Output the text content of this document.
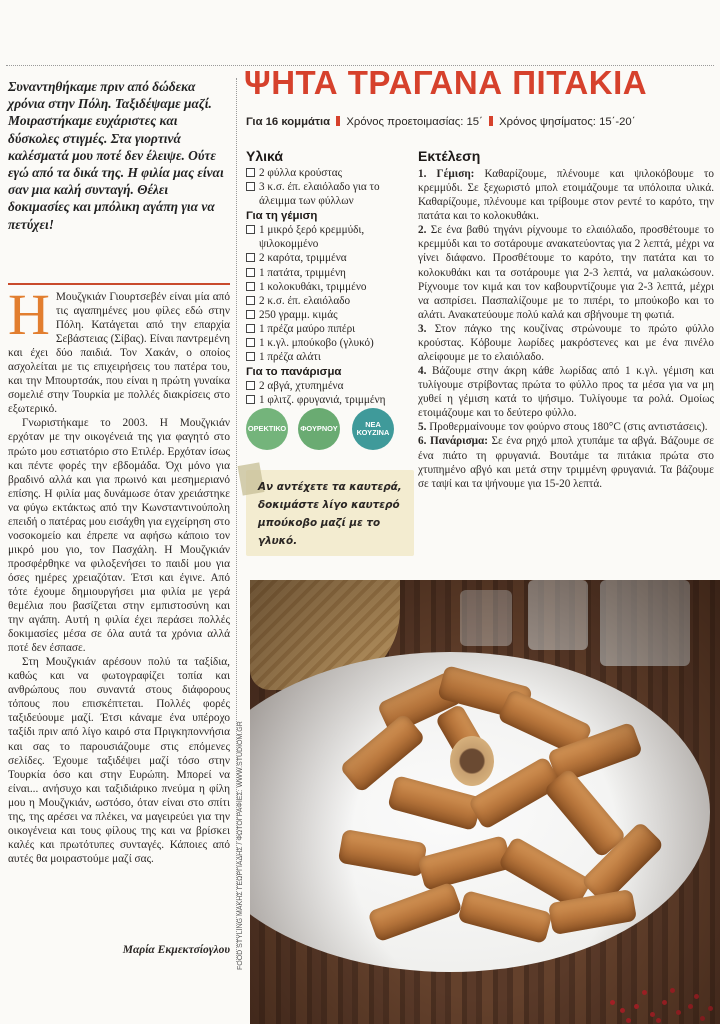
Συναντηθήκαμε πριν από δώδεκα χρόνια στην Πόλη. Ταξιδέψαμε μαζί. Μοιραστήκαμε ευχάριστες και δύσκολες στιγμές. Στα γιορτινά καλέσματά μου ποτέ δεν έλειψε. Ούτε εγώ από τα δικά της. Η φιλία μας είναι σαν μια καλή συνταγή. Θέλει δοκιμασίες και μπόλικη αγάπη για να πετύχει!

Η Μουζγκιάν Γιουρτσεβέν είναι μία από τις αγαπημένες μου φίλες εδώ στην Πόλη. Κατάγεται από την επαρχία Σεβάστειας (Σίβας). Είναι παντρεμένη και έχει δύο παιδιά. Τον Χακάν, ο οποίος ασχολείται με τις επιχειρήσεις του πατέρα του, και την Μπουρτσάκ, που είναι η πρώτη γυναίκα σομελιέ στην Τουρκία με πολλές διακρίσεις στο εξωτερικό.

Γνωριστήκαμε το 2003. Η Μουζγκιάν ερχόταν με την οικογένειά της για φαγητό στο πρώτο μου εστιατόριο στο Ετιλέρ. Ερχόταν ίσως και πέντε φορές την εβδομάδα. Όχι μόνο για βραδινό αλλά και για πρωινό και μεσημεριανό επίσης. Η φιλία μας δυνάμωσε όταν χρειάστηκε να φύγω εκτάκτως από την Κωνσταντινούπολη επειδή ο πατέρας μου εισάχθη για εγχείρηση στο νοσοκομείο και έπρεπε να αφήσω κάποιο τον μικρό μου γιο, τον Πασχάλη. Η Μουζγκιάν προσφέρθηκε να φιλοξενήσει το παιδί μου για όσες ημέρες χρειαζόταν. Έτσι και έγινε. Από τότε έχουμε δημιουργήσει μια φιλία με γερά θεμέλια που βασίζεται στην εμπιστοσύνη και την αγάπη. Αυτή η φιλία έχει περάσει πολλές δοκιμασίες μέσα σε όλα αυτά τα χρόνια αλλά ποτέ δεν έσπασε.

Στη Μουζγκιάν αρέσουν πολύ τα ταξίδια, καθώς και να φωτογραφίζει τοπία και ανθρώπους που συναντά στους διάφορους τόπους που επισκέπτεται. Πολλές φορές ταξιδεύουμε μαζί. Έτσι κάναμε ένα υπέροχο ταξίδι πριν από λίγο καιρό στα Πριγκηποννήσια και σας το παρουσιάζουμε στις επόμενες σελίδες. Έχουμε ταξιδέψει μαζί τόσο στην Τουρκία όσο και στην Ευρώπη. Μπορεί να είναι... ανήσυχο και ταξιδιάρικο πνεύμα η φίλη μου η Μουζγκιάν, ωστόσο, όταν είναι στο σπίτι της, της αρέσει να πλέκει, να μαγειρεύει για την οικογένεια και τους φίλους της και να βρίσκει καλές και πρωτότυπες συνταγές. Κάποιες από αυτές θα μοιραστούμε μαζί σας.

Μαρία Εκμεκτσίογλου
ΨΗΤΑ ΤΡΑΓΑΝΑ ΠΙΤΑΚΙΑ
Για 16 κομμάτια Χρόνος προετοιμασίας: 15΄ Χρόνος ψησίματος: 15΄-20΄
Υλικά
2 φύλλα κρούστας
3 κ.σ. έπ. ελαιόλαδο για το άλειμμα των φύλλων
Για τη γέμιση
1 μικρό ξερό κρεμμύδι, ψιλοκομμένο
2 καρότα, τριμμένα
1 πατάτα, τριμμένη
1 κολοκυθάκι, τριμμένο
2 κ.σ. έπ. ελαιόλαδο
250 γραμμ. κιμάς
1 πρέζα μαύρο πιπέρι
1 κ.γλ. μπούκοβο (γλυκό)
1 πρέζα αλάτι
Για το πανάρισμα
2 αβγά, χτυπημένα
1 φλιτζ. φρυγανιά, τριμμένη
ΟΡΕΚΤΙΚΟ	ΦΟΥΡΝΟΥ	ΝΕΑ ΚΟΥΖΙΝΑ
Αν αντέχετε τα καυτερά, δοκιμάστε λίγο καυτερό μπούκοβο μαζί με το γλυκό.
Εκτέλεση

1. Γέμιση: Καθαρίζουμε, πλένουμε και ψιλοκόβουμε το κρεμμύδι. Σε ξεχωριστό μπολ ετοιμάζουμε τα υπόλοιπα υλικά. Καθαρίζουμε, πλένουμε και τρίβουμε στον ρεντέ το καρότο, την πατάτα και το κολοκυθάκι.

2. Σε ένα βαθύ τηγάνι ρίχνουμε το ελαιόλαδο, προσθέτουμε το κρεμμύδι και το σοτάρουμε ανακατεύοντας για 2 λεπτά, μέχρι να γίνει διάφανο. Προσθέτουμε το καρότο, την πατάτα και το κολοκυθάκι και τα σοτάρουμε για 2-3 λεπτά, να μαλακώσουν. Ρίχνουμε τον κιμά και τον καβουρντίζουμε για 2-3 λεπτά, μέχρι να ασπρίσει. Πασπαλίζουμε με το πιπέρι, το μπούκοβο και το αλάτι. Ανακατεύουμε πολύ καλά και σβήνουμε τη φωτιά.

3. Στον πάγκο της κουζίνας στρώνουμε το πρώτο φύλλο κρούστας. Κόβουμε λωρίδες μακρόστενες και με ένα πινέλο αλείφουμε με το ελαιόλαδο.

4. Βάζουμε στην άκρη κάθε λωρίδας από 1 κ.γλ. γέμιση και τυλίγουμε στρίβοντας πρώτα το φύλλο προς τα μέσα για να μη χυθεί η γέμιση κατά το ψήσιμο. Τυλίγουμε τα ρολά. Ομοίως ετοιμάζουμε και το δεύτερο φύλλο.

5. Προθερμαίνουμε τον φούρνο στους 180°C (στις αντιστάσεις).

6. Πανάρισμα: Σε ένα ρηχό μπολ χτυπάμε τα αβγά. Βάζουμε σε ένα πιάτο τη φρυγανιά. Βουτάμε τα πιτάκια πρώτα στο χτυπημένο αβγό και μετά στην τριμμένη φρυγανιά. Τα βάζουμε σε ταψί και τα ψήνουμε για 15-20 λεπτά.

FOOD STYLING ΜΑΚΗΣ ΓΕΩΡΓΙΑΔΗΣ / ΦΩΤΟΓΡΑΦΙΕΣ: WWW.STUDIOM.GR
